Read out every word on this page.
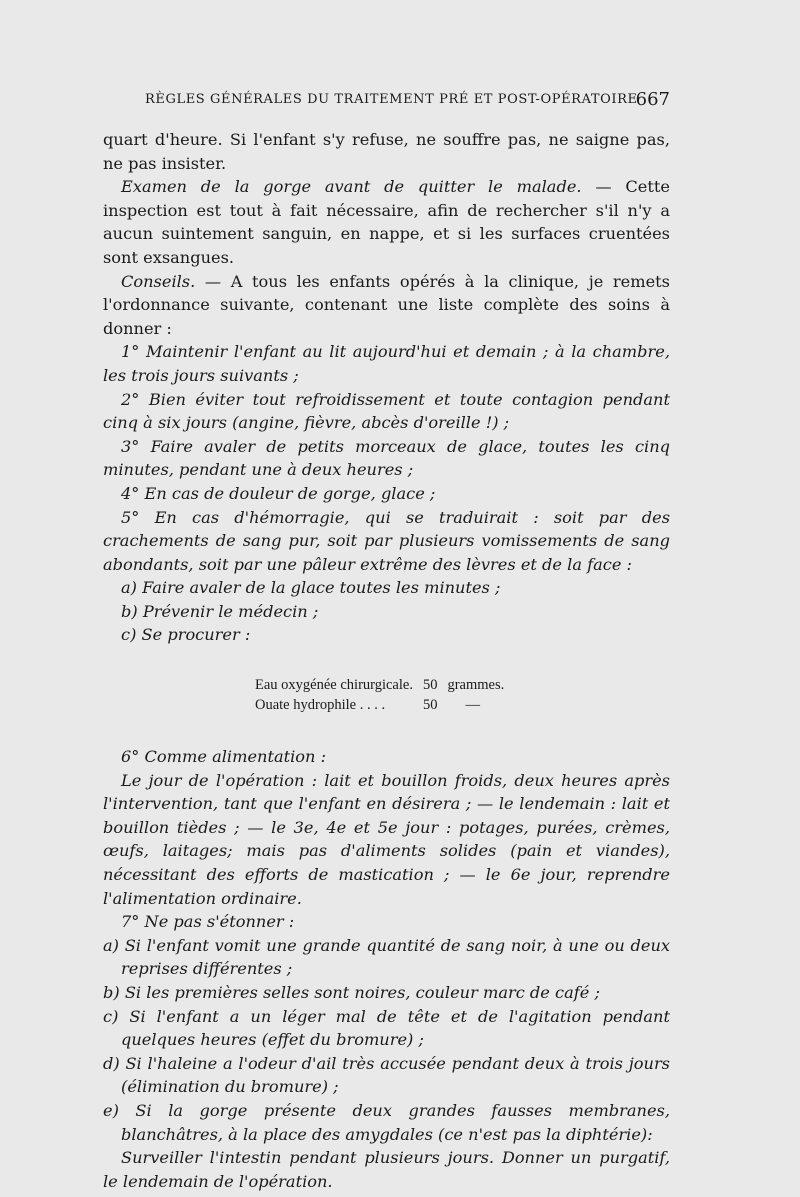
RÈGLES GÉNÉRALES DU TRAITEMENT PRÉ ET POST-OPÉRATOIRE
667

quart d'heure. Si l'enfant s'y refuse, ne souffre pas, ne saigne pas, ne pas insister.

Examen de la gorge avant de quitter le malade. — Cette inspection est tout à fait nécessaire, afin de rechercher s'il n'y a aucun suintement sanguin, en nappe, et si les surfaces cruentées sont exsangues.

Conseils. — A tous les enfants opérés à la clinique, je remets l'ordonnance suivante, contenant une liste complète des soins à donner :

1° Maintenir l'enfant au lit aujourd'hui et demain ; à la chambre, les trois jours suivants ;

2° Bien éviter tout refroidissement et toute contagion pendant cinq à six jours (angine, fièvre, abcès d'oreille !) ;

3° Faire avaler de petits morceaux de glace, toutes les cinq minutes, pendant une à deux heures ;

4° En cas de douleur de gorge, glace ;

5° En cas d'hémorragie, qui se traduirait : soit par des crachements de sang pur, soit par plusieurs vomissements de sang abondants, soit par une pâleur extrême des lèvres et de la face :

a) Faire avaler de la glace toutes les minutes ;

b) Prévenir le médecin ;

c) Se procurer :

Eau oxygénée chirurgicale.	50	grammes.
Ouate hydrophile . . . .	50	—

6° Comme alimentation :

Le jour de l'opération : lait et bouillon froids, deux heures après l'intervention, tant que l'enfant en désirera ; — le lendemain : lait et bouillon tièdes ; — le 3e, 4e et 5e jour : potages, purées, crèmes, œufs, laitages; mais pas d'aliments solides (pain et viandes), nécessitant des efforts de mastication ; — le 6e jour, reprendre l'alimentation ordinaire.

7° Ne pas s'étonner :

a) Si l'enfant vomit une grande quantité de sang noir, à une ou deux reprises différentes ;

b) Si les premières selles sont noires, couleur marc de café ;

c) Si l'enfant a un léger mal de tête et de l'agitation pendant quelques heures (effet du bromure) ;

d) Si l'haleine a l'odeur d'ail très accusée pendant deux à trois jours (élimination du bromure) ;

e) Si la gorge présente deux grandes fausses membranes, blanchâtres, à la place des amygdales (ce n'est pas la diphtérie):

Surveiller l'intestin pendant plusieurs jours. Donner un purgatif, le lendemain de l'opération.
